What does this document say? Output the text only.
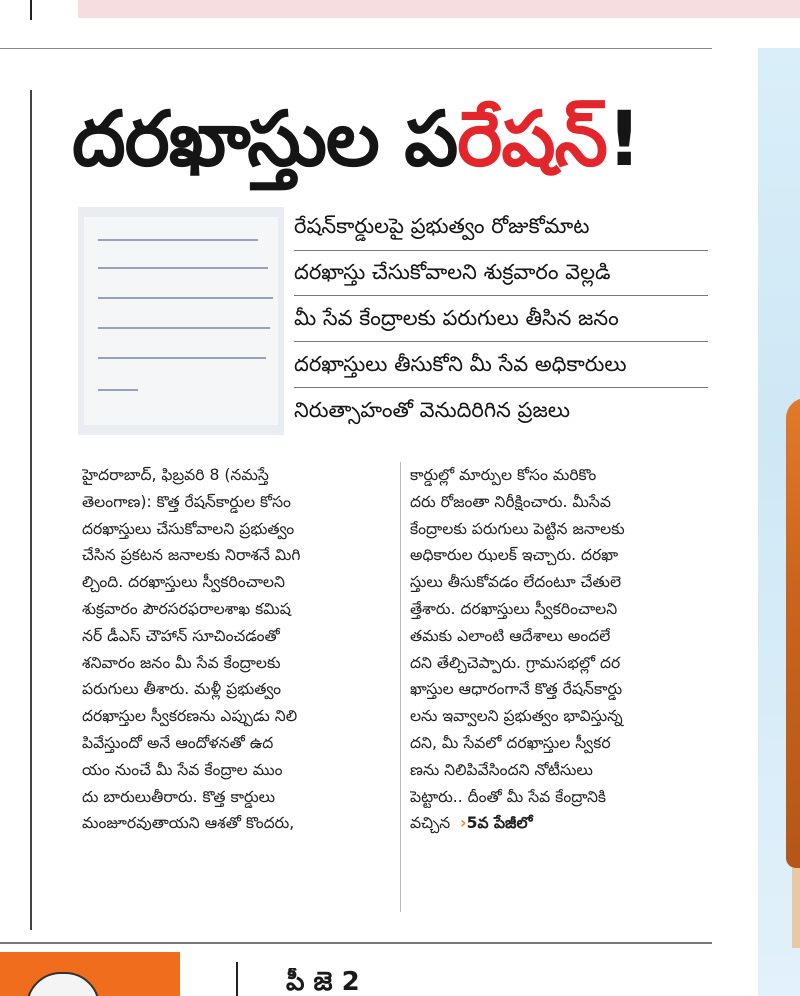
దరఖాస్తుల పరేషన్!
రేషన్‌కార్డులపై ప్రభుత్వం రోజుకోమాట
దరఖాస్తు చేసుకోవాలని శుక్రవారం వెల్లడి
మీ సేవ కేంద్రాలకు పరుగులు తీసిన జనం
దరఖాస్తులు తీసుకోని మీ సేవ అధికారులు
నిరుత్సాహంతో వెనుదిరిగిన ప్రజలు
హైదరాబాద్, ఫిబ్రవరి 8 (నమస్తే
తెలంగాణ): కొత్త రేషన్‌కార్డుల కోసం
దరఖాస్తులు చేసుకోవాలని ప్రభుత్వం
చేసిన ప్రకటన జనాలకు నిరాశనే మిగి
ల్చింది. దరఖాస్తులు స్వీకరించాలని
శుక్రవారం పౌరసరఫరాలశాఖ కమిష
నర్ డీఎస్ చౌహాన్ సూచించడంతో
శనివారం జనం మీ సేవ కేంద్రాలకు
పరుగులు తీశారు. మళ్లీ ప్రభుత్వం
దరఖాస్తుల స్వీకరణను ఎప్పుడు నిలి
పివేస్తుందో అనే ఆందోళనతో ఉద
యం నుంచే మీ సేవ కేంద్రాల ముం
దు బారులుతీరారు. కొత్త కార్డులు
మంజూరవుతాయని ఆశతో కొందరు,
కార్డుల్లో మార్పుల కోసం మరికొం
దరు రోజంతా నిరీక్షించారు. మీసేవ
కేంద్రాలకు పరుగులు పెట్టిన జనాలకు
అధికారుల ఝలక్ ఇచ్చారు. దరఖా
స్తులు తీసుకోవడం లేదంటూ చేతులె
త్తేశారు. దరఖాస్తులు స్వీకరించాలని
తమకు ఎలాంటి ఆదేశాలు అందలే
దని తేల్చిచెప్పారు. గ్రామసభల్లో దర
ఖాస్తుల ఆధారంగానే కొత్త రేషన్‌కార్డు
లను ఇవ్వాలని ప్రభుత్వం భావిస్తున్న
దని, మీ సేవలో దరఖాస్తుల స్వీకర
ణను నిలిపివేసిందని నోటీసులు
పెట్టారు.. దీంతో మీ సేవ కేంద్రానికి
వచ్చిన ›5వ పేజీలో
పీ జె 2
